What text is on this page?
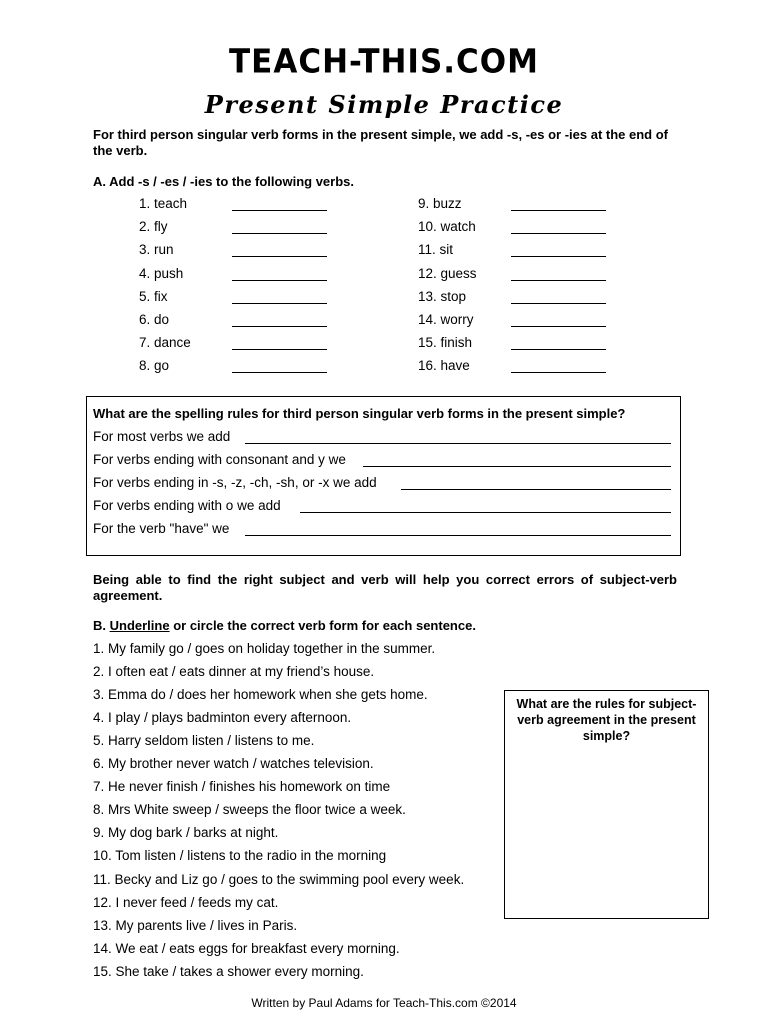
TEACH-THIS.COM
Present Simple Practice
For third person singular verb forms in the present simple, we add -s, -es or -ies at the end of the verb.
A. Add -s / -es / -ies to the following verbs.
1. teach
2. fly
3. run
4. push
5. fix
6. do
7. dance
8. go
9. buzz
10. watch
11. sit
12. guess
13. stop
14. worry
15. finish
16. have
What are the spelling rules for third person singular verb forms in the present simple?
For most verbs we add
For verbs ending with consonant and y we
For verbs ending in -s, -z, -ch, -sh, or -x we add
For verbs ending with o we add
For the verb "have" we
Being able to find the right subject and verb will help you correct errors of subject-verb agreement.
B. Underline or circle the correct verb form for each sentence.
1. My family go / goes on holiday together in the summer.
2. I often eat / eats dinner at my friend’s house.
3. Emma do / does her homework when she gets home.
4. I play / plays badminton every afternoon.
5. Harry seldom listen / listens to me.
6. My brother never watch / watches television.
7. He never finish / finishes his homework on time
8. Mrs White sweep / sweeps the floor twice a week.
9. My dog bark / barks at night.
10. Tom listen / listens to the radio in the morning
11. Becky and Liz go / goes to the swimming pool every week.
12. I never feed / feeds my cat.
13. My parents live / lives in Paris.
14. We eat / eats eggs for breakfast every morning.
15. She take / takes a shower every morning.
What are the rules for subject-verb agreement in the present simple?
Written by Paul Adams for Teach-This.com ©2014
